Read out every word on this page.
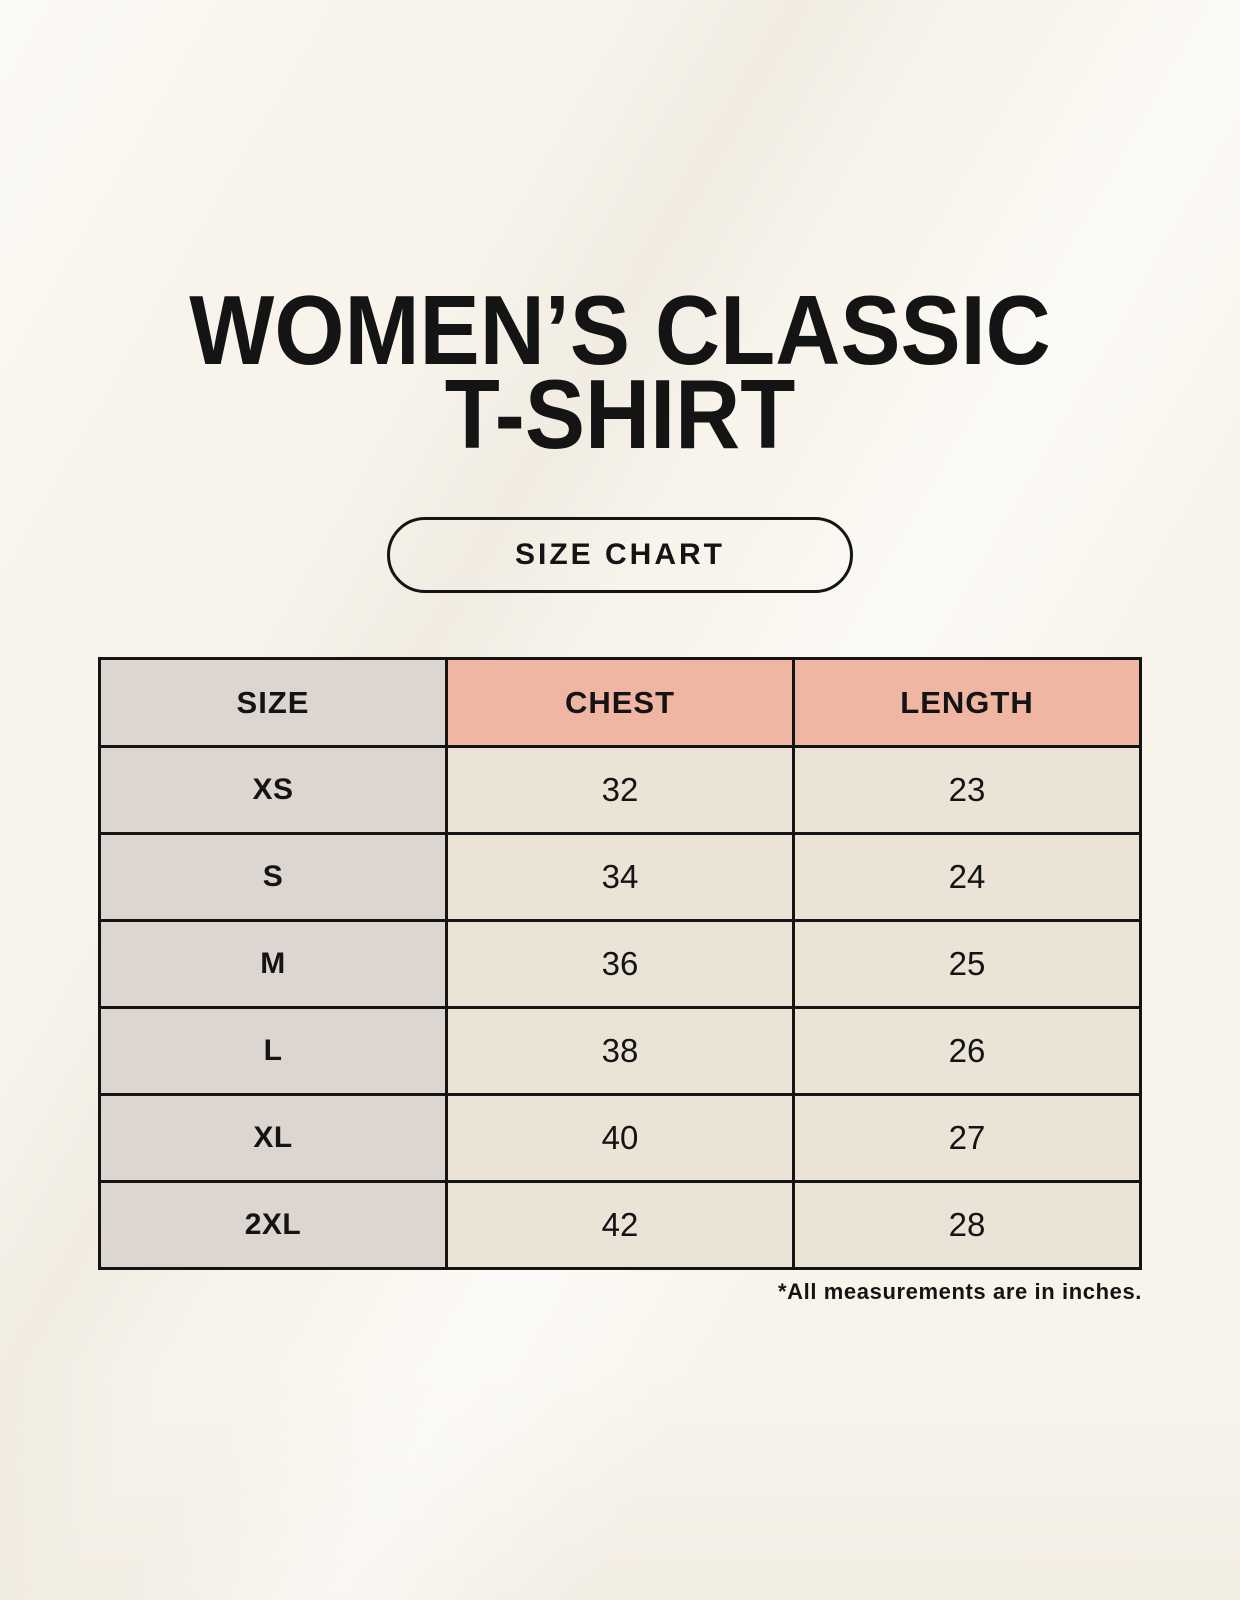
WOMEN’S CLASSIC T-SHIRT
SIZE CHART
SIZE	CHEST	LENGTH
XS	32	23
S	34	24
M	36	25
L	38	26
XL	40	27
2XL	42	28

*All measurements are in inches.
